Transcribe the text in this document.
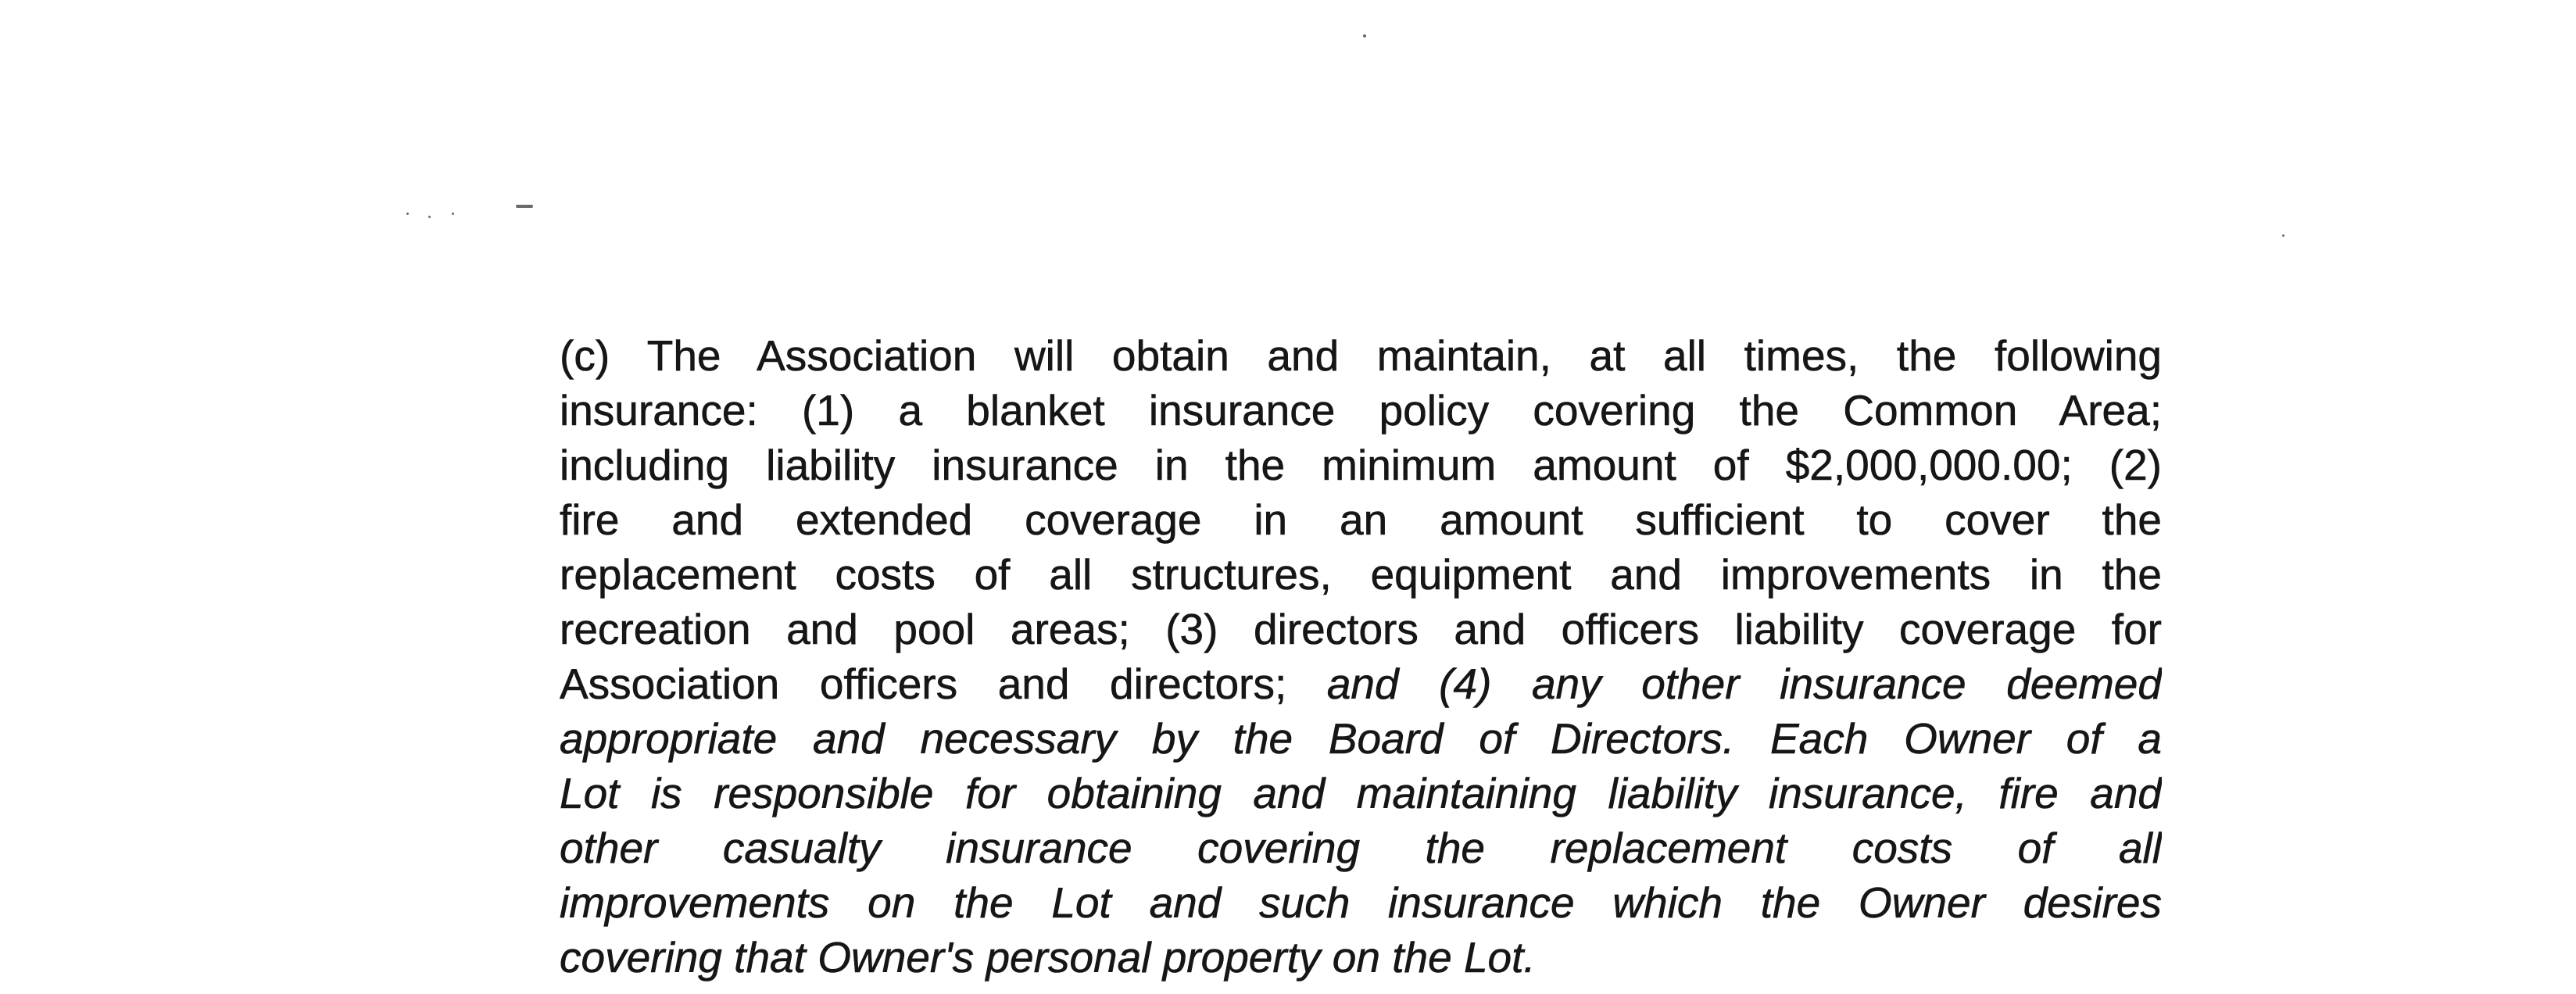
(c) The Association will obtain and maintain, at all times, the following
insurance: (1) a blanket insurance policy covering the Common Area;
including liability insurance in the minimum amount of $2,000,000.00; (2)
fire and extended coverage in an amount sufficient to cover the
replacement costs of all structures, equipment and improvements in the
recreation and pool areas; (3) directors and officers liability coverage for
Association officers and directors; and (4) any other insurance deemed
appropriate and necessary by the Board of Directors. Each Owner of a
Lot is responsible for obtaining and maintaining liability insurance, fire and
other casualty insurance covering the replacement costs of all
improvements on the Lot and such insurance which the Owner desires
covering that Owner's personal property on the Lot.
